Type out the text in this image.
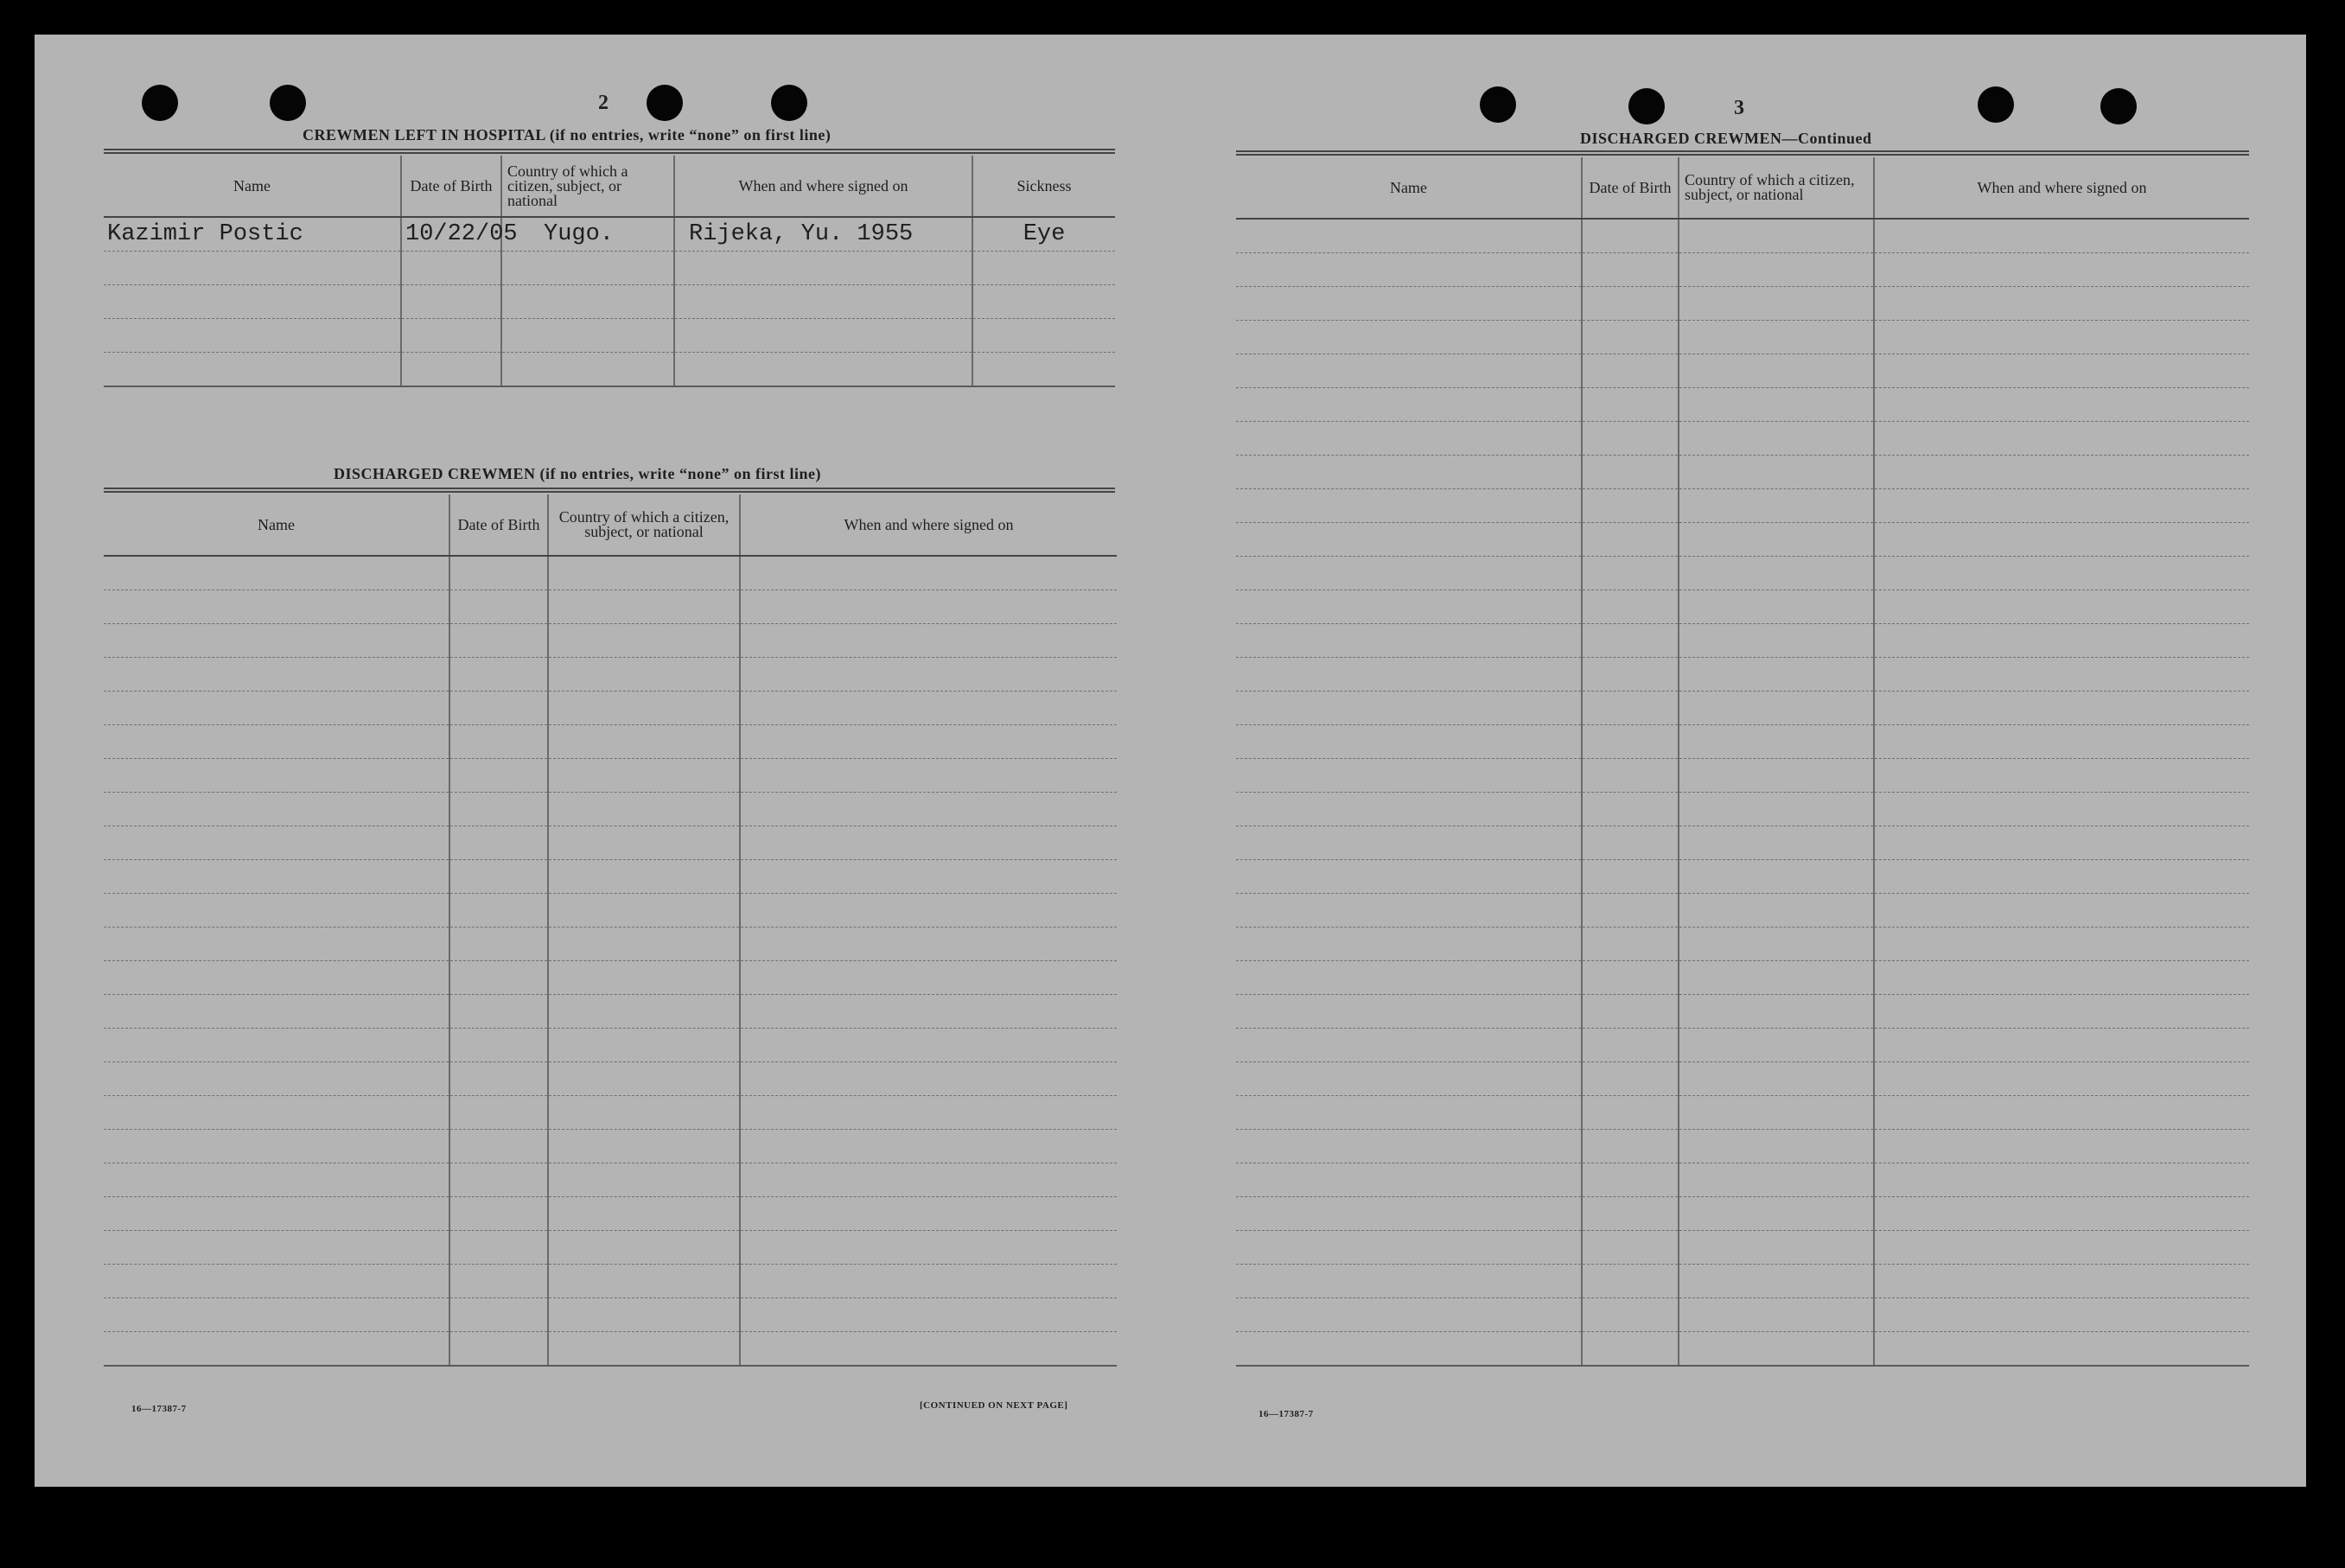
2
CREWMEN LEFT IN HOSPITAL (if no entries, write “none” on first line)
Name	Date of Birth	Country of which a citizen, subject, or national	When and where signed on	Sickness
Kazimir Postic	10/22/05	Yugo.	Rijeka, Yu. 1955	Eye

DISCHARGED CREWMEN (if no entries, write “none” on first line)
Name	Date of Birth	Country of which a citizen, subject, or national	When and where signed on

16—17387-7	[CONTINUED ON NEXT PAGE]
3
DISCHARGED CREWMEN—Continued
Name	Date of Birth	Country of which a citizen, subject, or national	When and where signed on

16—17387-7
